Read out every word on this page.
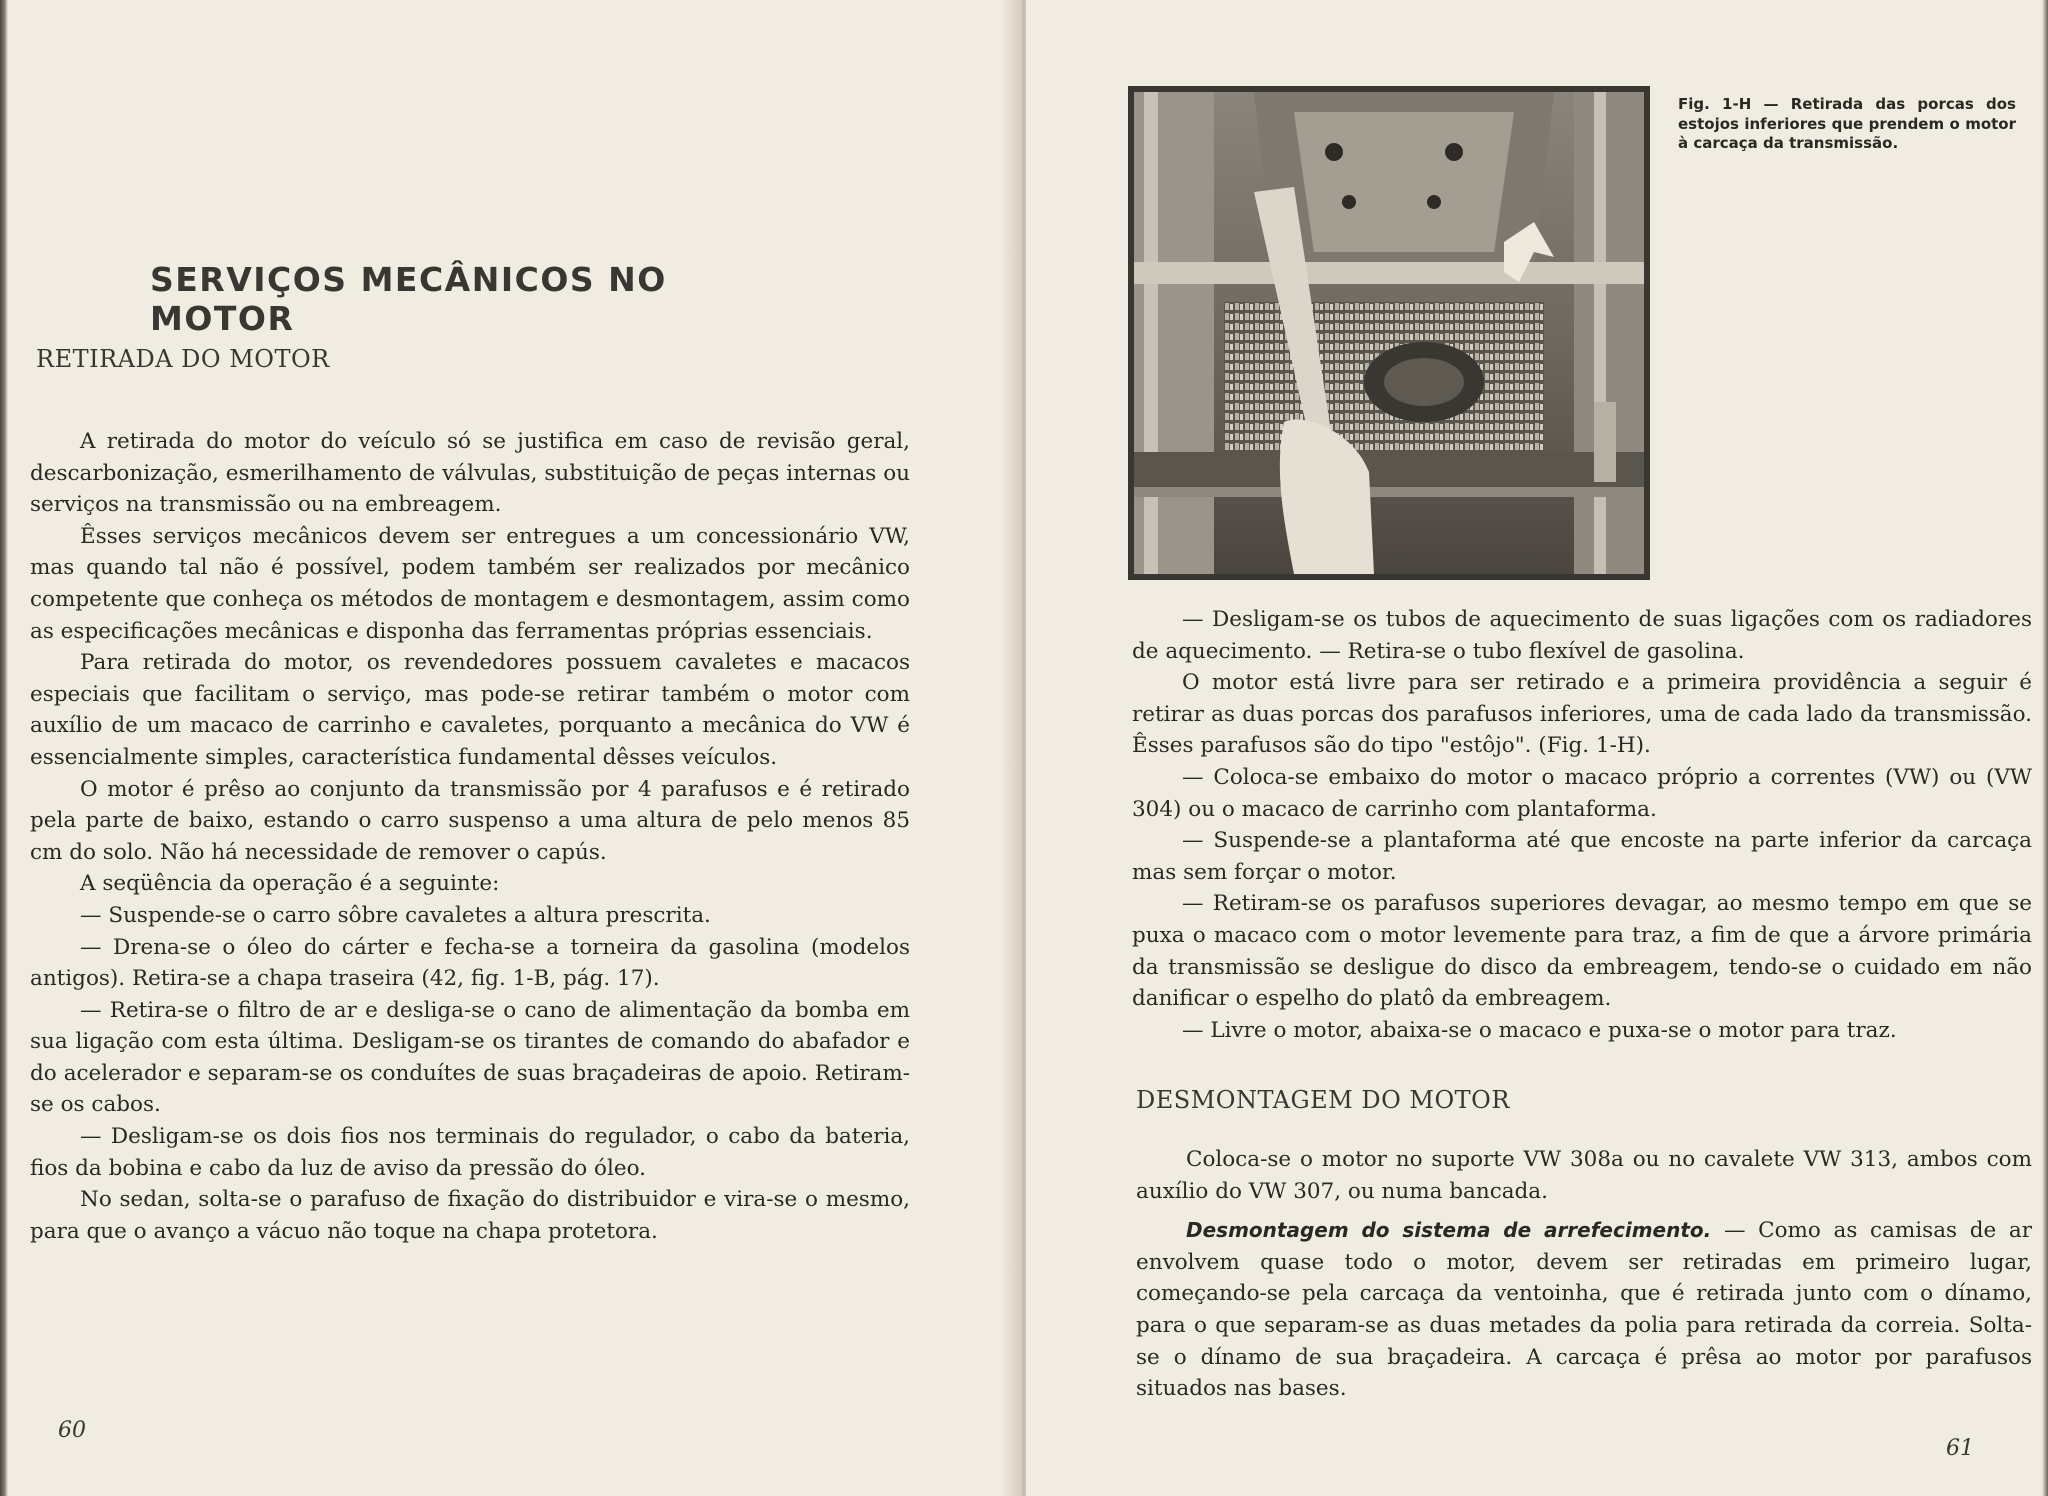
SERVIÇOS MECÂNICOS NO MOTOR
RETIRADA DO MOTOR

A retirada do motor do veículo só se justifica em caso de revisão geral, descarbonização, esmerilhamento de válvulas, substituição de peças internas ou serviços na transmissão ou na embreagem.

Êsses serviços mecânicos devem ser entregues a um concessionário VW, mas quando tal não é possível, podem também ser realizados por mecânico competente que conheça os métodos de montagem e desmontagem, assim como as especificações mecânicas e disponha das ferramentas próprias essenciais.

Para retirada do motor, os revendedores possuem cavaletes e macacos especiais que facilitam o serviço, mas pode-se retirar também o motor com auxílio de um macaco de carrinho e cavaletes, porquanto a mecânica do VW é essencialmente simples, característica fundamental dêsses veículos.

O motor é prêso ao conjunto da transmissão por 4 parafusos e é retirado pela parte de baixo, estando o carro suspenso a uma altura de pelo menos 85 cm do solo. Não há necessidade de remover o capús.

A seqüência da operação é a seguinte:

— Suspende-se o carro sôbre cavaletes a altura prescrita.

— Drena-se o óleo do cárter e fecha-se a torneira da gasolina (modelos antigos). Retira-se a chapa traseira (42, fig. 1-B, pág. 17).

— Retira-se o filtro de ar e desliga-se o cano de alimentação da bomba em sua ligação com esta última. Desligam-se os tirantes de comando do abafador e do acelerador e separam-se os conduítes de suas braçadeiras de apoio. Retiram-se os cabos.

— Desligam-se os dois fios nos terminais do regulador, o cabo da bateria, fios da bobina e cabo da luz de aviso da pressão do óleo.

No sedan, solta-se o parafuso de fixação do distribuidor e vira-se o mesmo, para que o avanço a vácuo não toque na chapa protetora.

60
Fig. 1-H — Retirada das porcas dos estojos inferiores que prendem o motor à carcaça da transmissão.

— Desligam-se os tubos de aquecimento de suas ligações com os radiadores de aquecimento. — Retira-se o tubo flexível de gasolina.

O motor está livre para ser retirado e a primeira providência a seguir é retirar as duas porcas dos parafusos inferiores, uma de cada lado da transmissão. Êsses parafusos são do tipo "estôjo". (Fig. 1-H).

— Coloca-se embaixo do motor o macaco próprio a correntes (VW) ou (VW 304) ou o macaco de carrinho com plantaforma.

— Suspende-se a plantaforma até que encoste na parte inferior da carcaça mas sem forçar o motor.

— Retiram-se os parafusos superiores devagar, ao mesmo tempo em que se puxa o macaco com o motor levemente para traz, a fim de que a árvore primária da transmissão se desligue do disco da embreagem, tendo-se o cuidado em não danificar o espelho do platô da embreagem.

— Livre o motor, abaixa-se o macaco e puxa-se o motor para traz.

DESMONTAGEM DO MOTOR

Coloca-se o motor no suporte VW 308a ou no cavalete VW 313, ambos com auxílio do VW 307, ou numa bancada.

Desmontagem do sistema de arrefecimento. — Como as camisas de ar envolvem quase todo o motor, devem ser retiradas em primeiro lugar, começando-se pela carcaça da ventoinha, que é retirada junto com o dínamo, para o que separam-se as duas metades da polia para retirada da correia. Solta-se o dínamo de sua braçadeira. A carcaça é prêsa ao motor por parafusos situados nas bases.

61
